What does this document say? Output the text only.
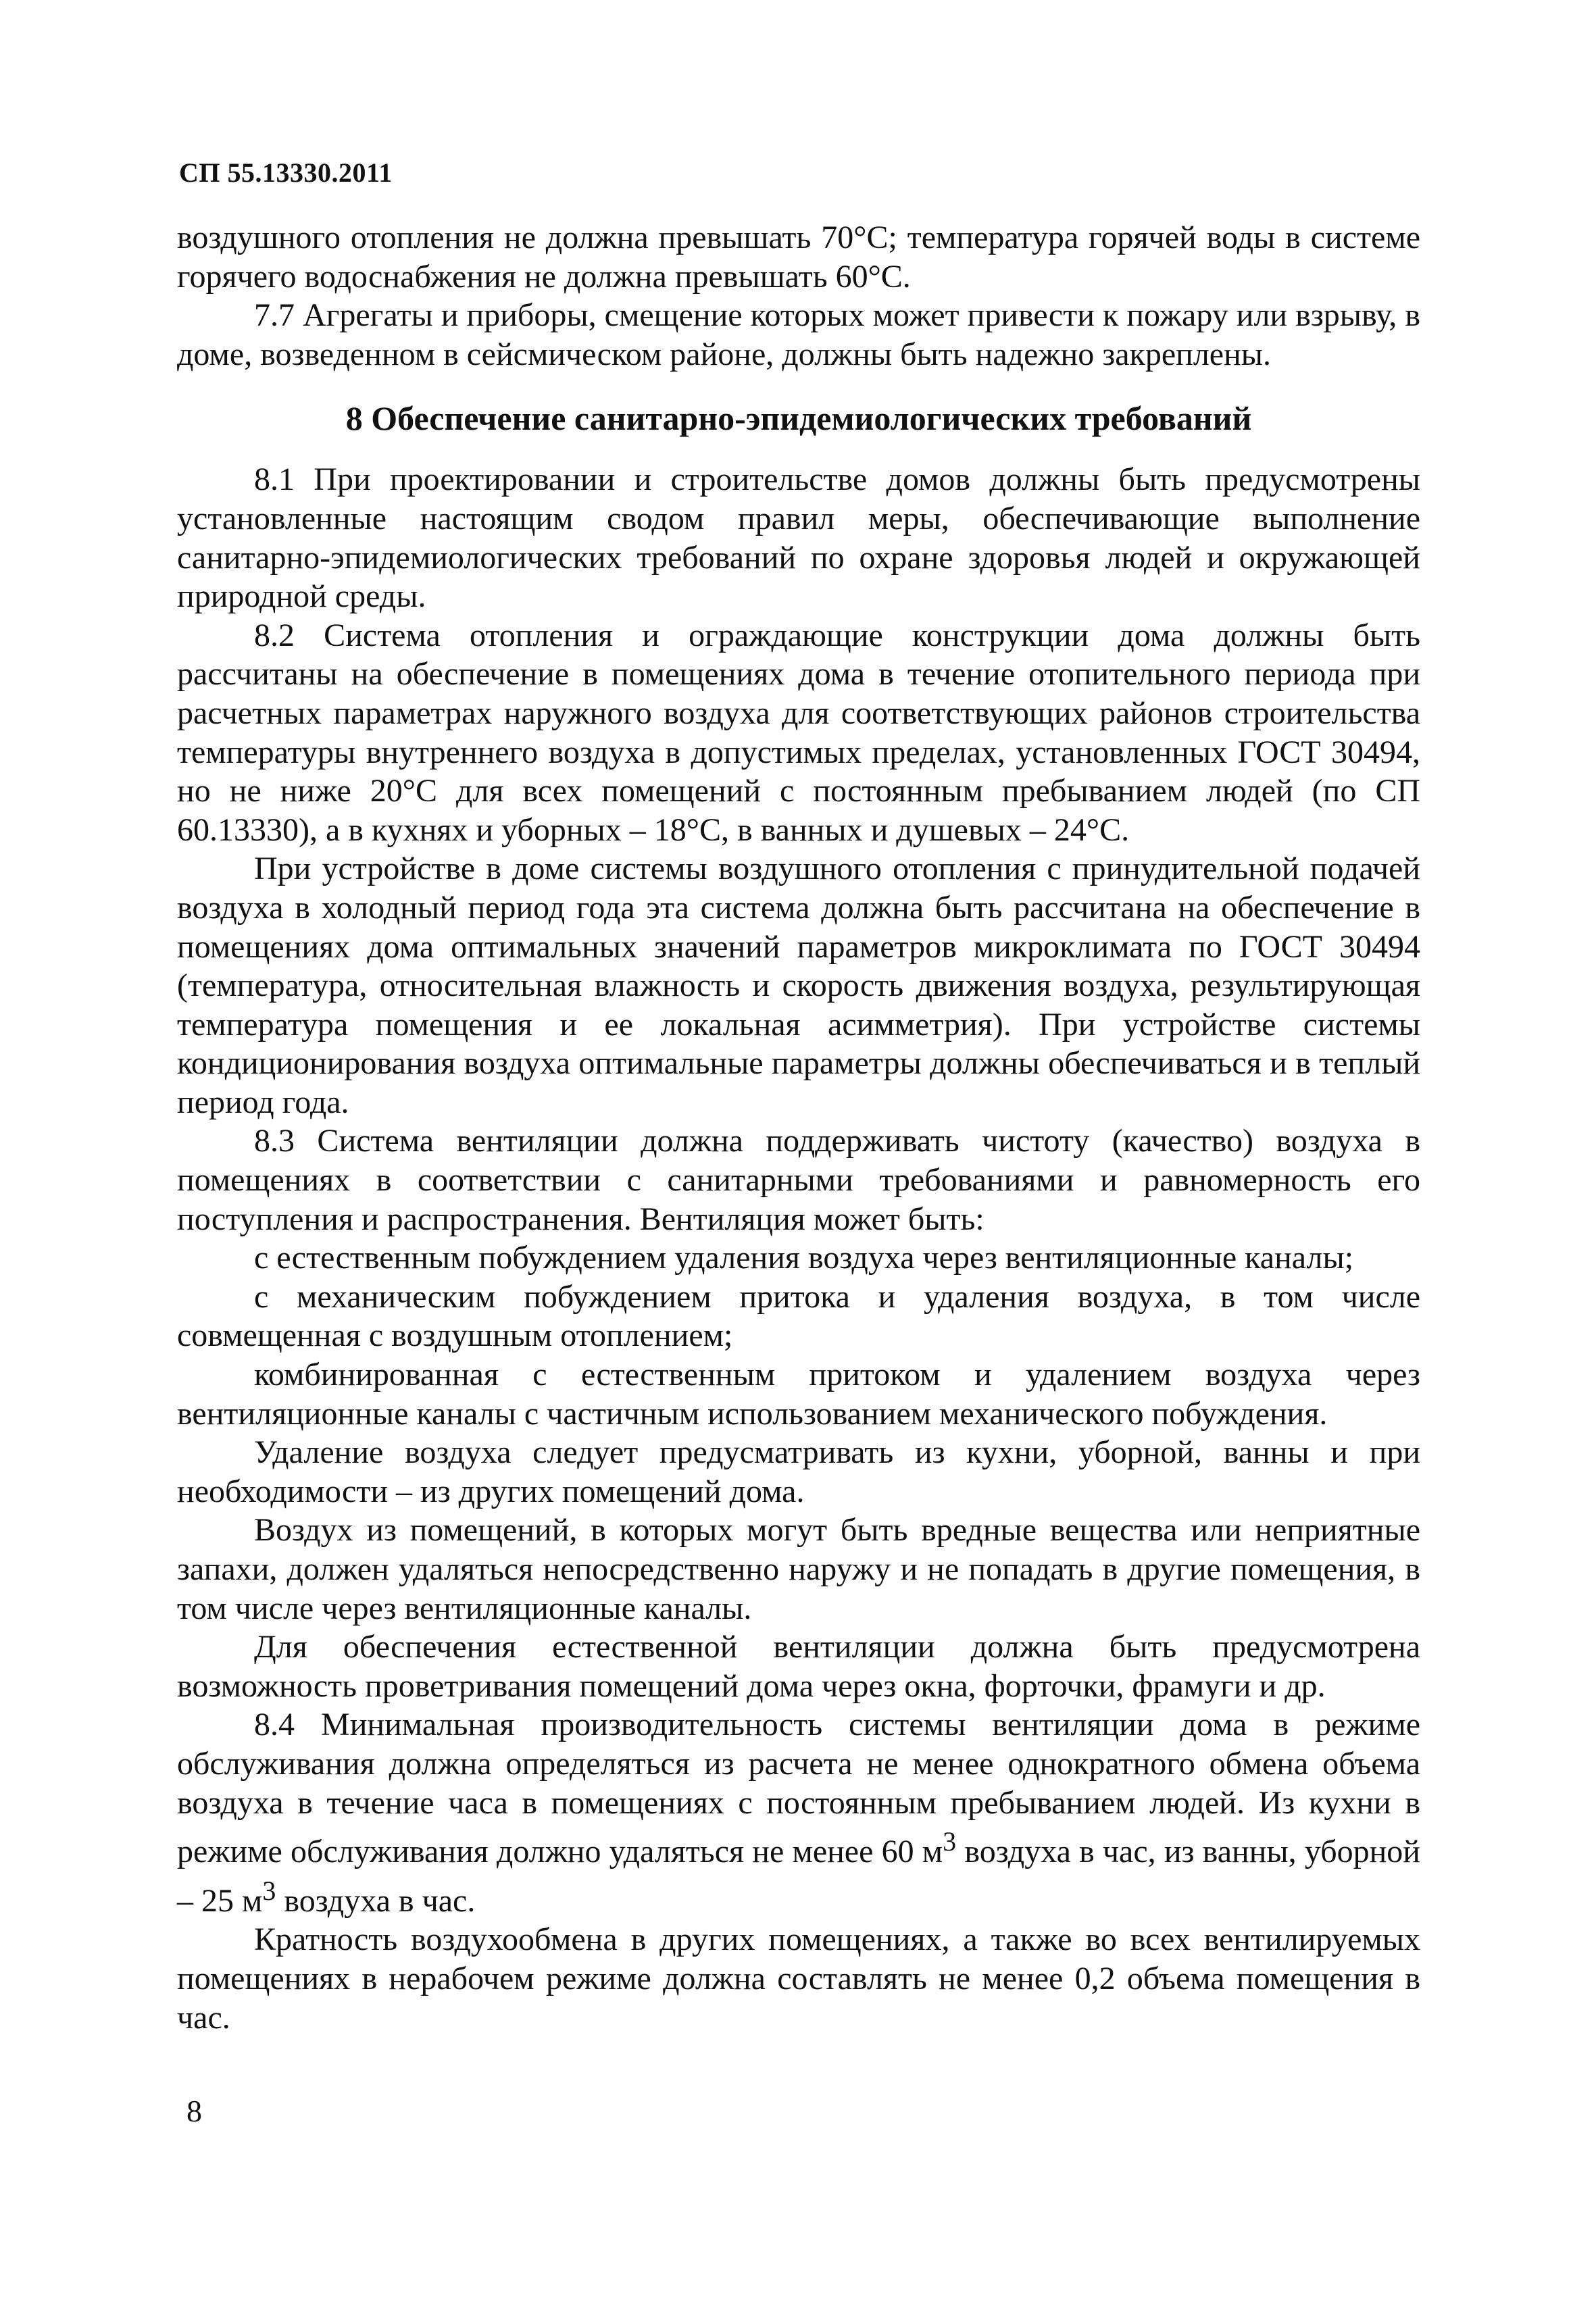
СП 55.13330.2011

воздушного отопления не должна превышать 70°С; температура горячей воды в системе горячего водоснабжения не должна превышать 60°С.

7.7 Агрегаты и приборы, смещение которых может привести к пожару или взрыву, в доме, возведенном в сейсмическом районе, должны быть надежно закреплены.

8 Обеспечение санитарно-эпидемиологических требований

8.1 При проектировании и строительстве домов должны быть предусмотрены установленные настоящим сводом правил меры, обеспечивающие выполнение санитарно-эпидемиологических требований по охране здоровья людей и окружающей природной среды.

8.2 Система отопления и ограждающие конструкции дома должны быть рассчитаны на обеспечение в помещениях дома в течение отопительного периода при расчетных параметрах наружного воздуха для соответствующих районов строительства температуры внутреннего воздуха в допустимых пределах, установленных ГОСТ 30494, но не ниже 20°С для всех помещений с постоянным пребыванием людей (по СП 60.13330), а в кухнях и уборных – 18°С, в ванных и душевых – 24°С.

При устройстве в доме системы воздушного отопления с принудительной подачей воздуха в холодный период года эта система должна быть рассчитана на обеспечение в помещениях дома оптимальных значений параметров микроклимата по ГОСТ 30494 (температура, относительная влажность и скорость движения воздуха, результирующая температура помещения и ее локальная асимметрия). При устройстве системы кондиционирования воздуха оптимальные параметры должны обеспечиваться и в теплый период года.

8.3 Система вентиляции должна поддерживать чистоту (качество) воздуха в помещениях в соответствии с санитарными требованиями и равномерность его поступления и распространения. Вентиляция может быть:

с естественным побуждением удаления воздуха через вентиляционные каналы;

с механическим побуждением притока и удаления воздуха, в том числе совмещенная с воздушным отоплением;

комбинированная с естественным притоком и удалением воздуха через вентиляционные каналы с частичным использованием механического побуждения.

Удаление воздуха следует предусматривать из кухни, уборной, ванны и при необходимости – из других помещений дома.

Воздух из помещений, в которых могут быть вредные вещества или неприятные запахи, должен удаляться непосредственно наружу и не попадать в другие помещения, в том числе через вентиляционные каналы.

Для обеспечения естественной вентиляции должна быть предусмотрена возможность проветривания помещений дома через окна, форточки, фрамуги и др.

8.4 Минимальная производительность системы вентиляции дома в режиме обслуживания должна определяться из расчета не менее однократного обмена объема воздуха в течение часа в помещениях с постоянным пребыванием людей. Из кухни в режиме обслуживания должно удаляться не менее 60 $м^3$ воздуха в час, из ванны, уборной – 25 $м^3$ воздуха в час.

Кратность воздухообмена в других помещениях, а также во всех вентилируемых помещениях в нерабочем режиме должна составлять не менее 0,2 объема помещения в час.

8
